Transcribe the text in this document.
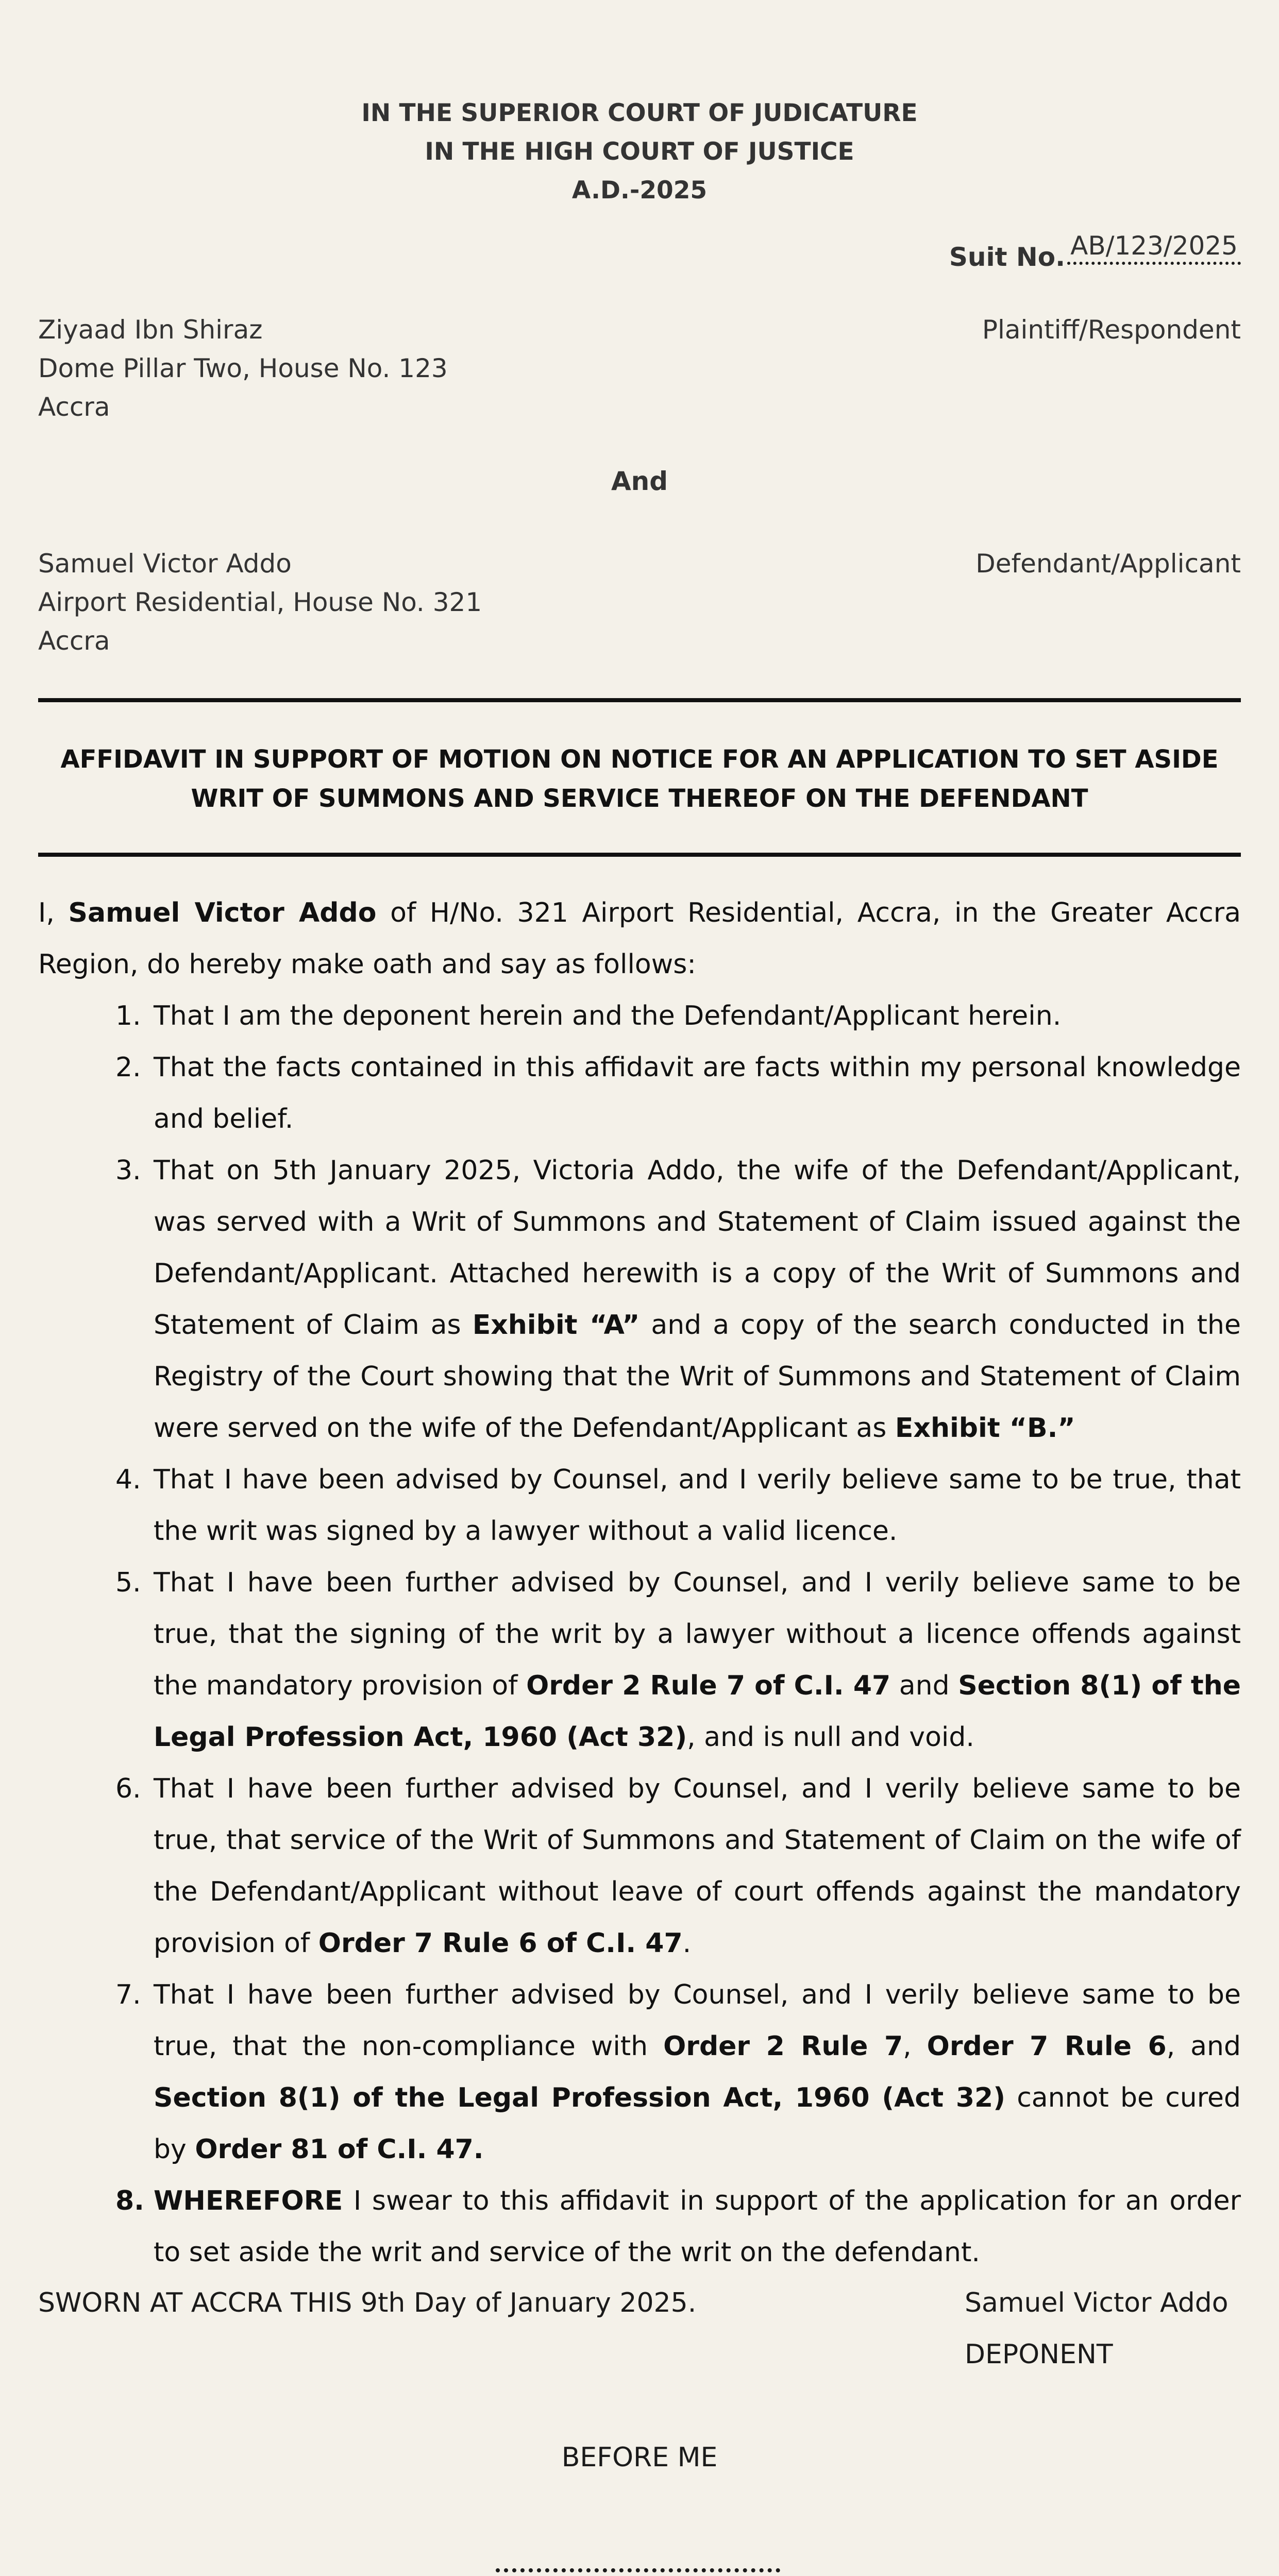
IN THE SUPERIOR COURT OF JUDICATURE
IN THE HIGH COURT OF JUSTICE
A.D.-2025
Suit No. AB/123/2025
Ziyaad Ibn Shiraz
Dome Pillar Two, House No. 123
Accra
Plaintiff/Respondent
And
Samuel Victor Addo
Airport Residential, House No. 321
Accra
Defendant/Applicant
AFFIDAVIT IN SUPPORT OF MOTION ON NOTICE FOR AN APPLICATION TO SET ASIDE
WRIT OF SUMMONS AND SERVICE THEREOF ON THE DEFENDANT

I, Samuel Victor Addo of H/No. 321 Airport Residential, Accra, in the Greater Accra Region, do hereby make oath and say as follows:

1. That I am the deponent herein and the Defendant/Applicant herein.
2. That the facts contained in this affidavit are facts within my personal knowledge and belief.
3. That on 5th January 2025, Victoria Addo, the wife of the Defendant/Applicant, was served with a Writ of Summons and Statement of Claim issued against the Defendant/Applicant. Attached herewith is a copy of the Writ of Summons and Statement of Claim as Exhibit “A” and a copy of the search conducted in the Registry of the Court showing that the Writ of Summons and Statement of Claim were served on the wife of the Defendant/Applicant as Exhibit “B.”
4. That I have been advised by Counsel, and I verily believe same to be true, that the writ was signed by a lawyer without a valid licence.
5. That I have been further advised by Counsel, and I verily believe same to be true, that the signing of the writ by a lawyer without a licence offends against the mandatory provision of Order 2 Rule 7 of C.I. 47 and Section 8(1) of the Legal Profession Act, 1960 (Act 32), and is null and void.
6. That I have been further advised by Counsel, and I verily believe same to be true, that service of the Writ of Summons and Statement of Claim on the wife of the Defendant/Applicant without leave of court offends against the mandatory provision of Order 7 Rule 6 of C.I. 47.
7. That I have been further advised by Counsel, and I verily believe same to be true, that the non-compliance with Order 2 Rule 7, Order 7 Rule 6, and Section 8(1) of the Legal Profession Act, 1960 (Act 32) cannot be cured by Order 81 of C.I. 47.
8. WHEREFORE I swear to this affidavit in support of the application for an order to set aside the writ and service of the writ on the defendant.
SWORN AT ACCRA THIS 9th Day of January 2025.	Samuel Victor Addo
DEPONENT
BEFORE ME
